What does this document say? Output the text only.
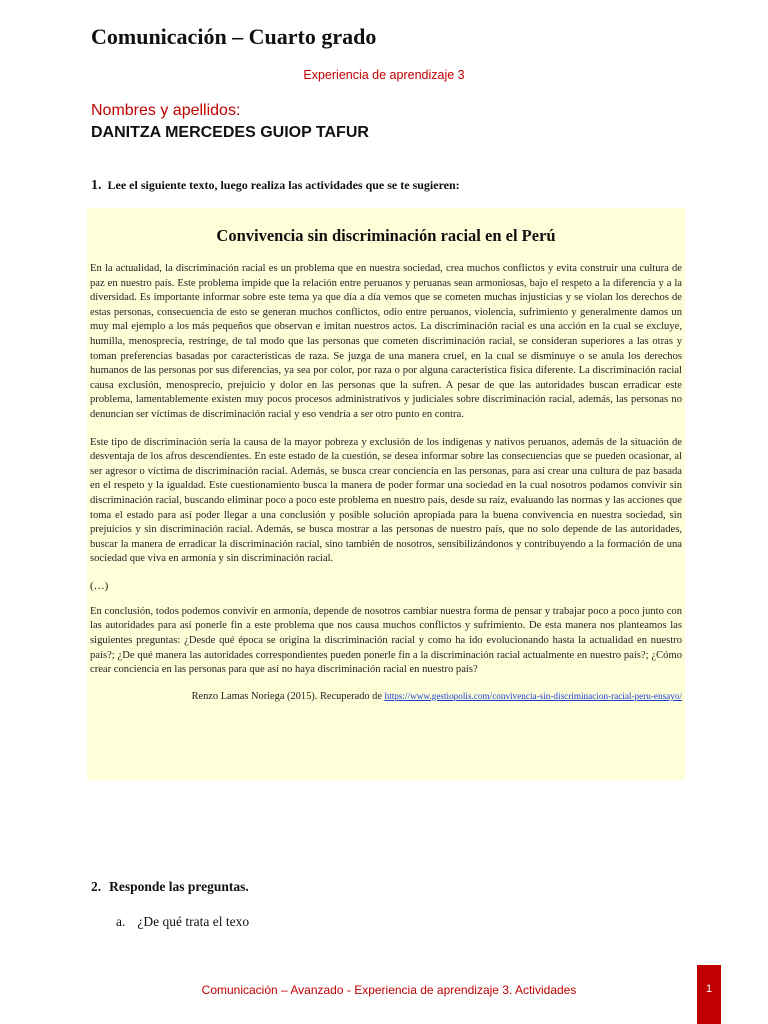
Comunicación – Cuarto grado
Experiencia de aprendizaje 3
Nombres y apellidos:
DANITZA MERCEDES GUIOP TAFUR
1. Lee el siguiente texto, luego realiza las actividades que se te sugieren:
Convivencia sin discriminación racial en el Perú

En la actualidad, la discriminación racial es un problema que en nuestra sociedad, crea muchos conflictos y evita construir una cultura de paz en nuestro país. Este problema impide que la relación entre peruanos y peruanas sean armoniosas, bajo el respeto a la diferencia y a la diversidad. Es importante informar sobre este tema ya que día a día vemos que se cometen muchas injusticias y se violan los derechos de estas personas, consecuencia de esto se generan muchos conflictos, odio entre peruanos, violencia, sufrimiento y generalmente damos un muy mal ejemplo a los más pequeños que observan e imitan nuestros actos. La discriminación racial es una acción en la cual se excluye, humilla, menosprecia, restringe, de tal modo que las personas que cometen discriminación racial, se consideran superiores a las otras y toman preferencias basadas por características de raza. Se juzga de una manera cruel, en la cual se disminuye o se anula los derechos humanos de las personas por sus diferencias, ya sea por color, por raza o por alguna característica física diferente. La discriminación racial causa exclusión, menosprecio, prejuicio y dolor en las personas que la sufren. A pesar de que las autoridades buscan erradicar este problema, lamentablemente existen muy pocos procesos administrativos y judiciales sobre discriminación racial, además, las personas no denuncian ser víctimas de discriminación racial y eso vendría a ser otro punto en contra.

Este tipo de discriminación sería la causa de la mayor pobreza y exclusión de los indígenas y nativos peruanos, además de la situación de desventaja de los afros descendientes. En este estado de la cuestión, se desea informar sobre las consecuencias que se pueden ocasionar, al ser agresor o víctima de discriminación racial. Además, se busca crear conciencia en las personas, para así crear una cultura de paz basada en el respeto y la igualdad. Este cuestionamiento busca la manera de poder formar una sociedad en la cual nosotros podamos convivir sin discriminación racial, buscando eliminar poco a poco este problema en nuestro país, desde su raíz, evaluando las normas y las acciones que toma el estado para así poder llegar a una conclusión y posible solución apropiada para la buena convivencia en nuestra sociedad, sin prejuicios y sin discriminación racial. Además, se busca mostrar a las personas de nuestro país, que no solo depende de las autoridades, buscar la manera de erradicar la discriminación racial, sino también de nosotros, sensibilizándonos y contribuyendo a la formación de una sociedad que viva en armonía y sin discriminación racial.

(…)

En conclusión, todos podemos convivir en armonía, depende de nosotros cambiar nuestra forma de pensar y trabajar poco a poco junto con las autoridades para así ponerle fin a este problema que nos causa muchos conflictos y sufrimiento. De esta manera nos planteamos las siguientes preguntas: ¿Desde qué época se origina la discriminación racial y como ha ido evolucionando hasta la actualidad en nuestro país?; ¿De qué manera las autoridades correspondientes pueden ponerle fin a la discriminación racial actualmente en nuestro país?; ¿Cómo crear conciencia en las personas para que así no haya discriminación racial en nuestro país?

Renzo Lamas Noriega (2015). Recuperado de https://www.gestiopolis.com/convivencia-sin-discriminacion-racial-peru-ensayo/

2. Responde las preguntas.
a. ¿De qué trata el texo
Comunicación – Avanzado - Experiencia de aprendizaje 3. Actividades	1
